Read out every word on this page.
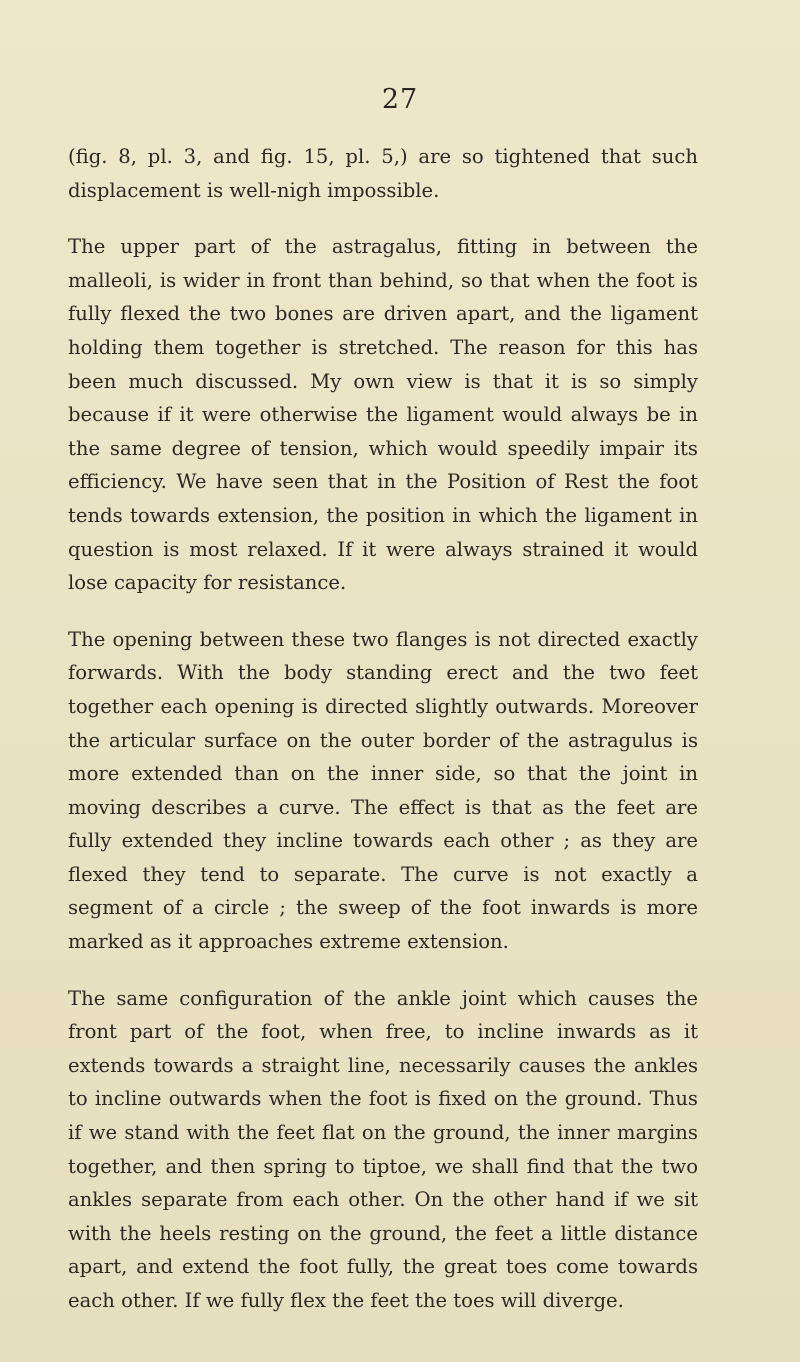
27

(fig. 8, pl. 3, and fig. 15, pl. 5,) are so tightened that such displacement is well-nigh impossible.

The upper part of the astragalus, fitting in between the malleoli, is wider in front than behind, so that when the foot is fully flexed the two bones are driven apart, and the ligament holding them together is stretched. The reason for this has been much discussed. My own view is that it is so simply because if it were otherwise the ligament would always be in the same degree of tension, which would speedily impair its efficiency. We have seen that in the Position of Rest the foot tends towards extension, the position in which the ligament in question is most relaxed. If it were always strained it would lose capacity for resistance.

The opening between these two flanges is not directed exactly forwards. With the body standing erect and the two feet together each opening is directed slightly outwards. Moreover the articular surface on the outer border of the astragulus is more extended than on the inner side, so that the joint in moving describes a curve. The effect is that as the feet are fully extended they incline towards each other ; as they are flexed they tend to separate. The curve is not exactly a segment of a circle ; the sweep of the foot inwards is more marked as it approaches extreme extension.

The same configuration of the ankle joint which causes the front part of the foot, when free, to incline inwards as it extends towards a straight line, necessarily causes the ankles to incline outwards when the foot is fixed on the ground. Thus if we stand with the feet flat on the ground, the inner margins together, and then spring to tiptoe, we shall find that the two ankles separate from each other. On the other hand if we sit with the heels resting on the ground, the feet a little distance apart, and extend the foot fully, the great toes come towards each other. If we fully flex the feet the toes will diverge.
